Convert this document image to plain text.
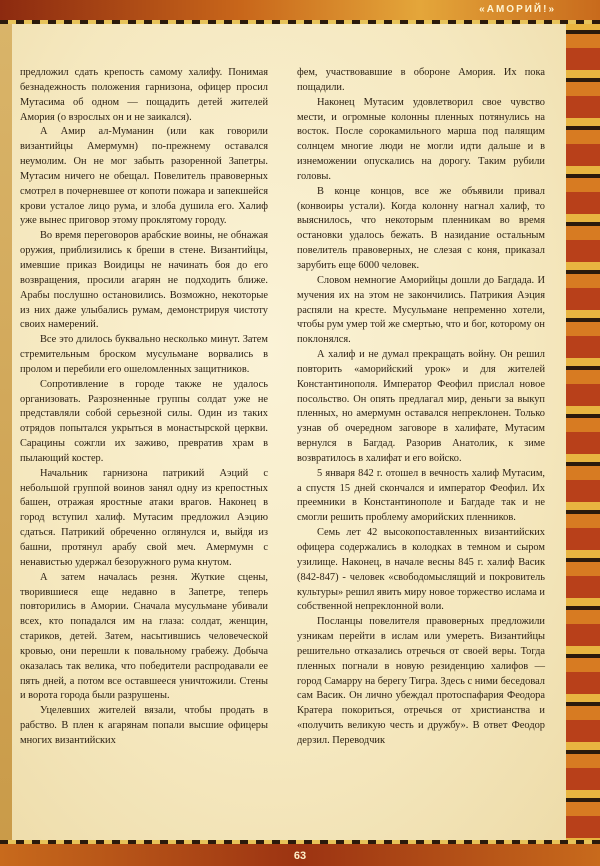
«АМОРИЙ!»

предложил сдать крепость самому халифу. Понимая безнадежность положения гарнизона, офицер просил Мутасима об одном — пощадить детей жителей Амория (о взрослых он и не заикался).

А Амир ал-Муманин (или как говорили византийцы Амермумн) по-прежнему оставался неумолим. Он не мог забыть разоренной Запетры. Мутасим ничего не обещал. Повелитель правоверных смотрел в почерневшее от копоти пожара и запекшейся крови усталое лицо рума, и злоба душила его. Халиф уже вынес приговор этому проклятому городу.

Во время переговоров арабские воины, не обнажая оружия, приблизились к бреши в стене. Византийцы, имевшие приказ Воидицы не начинать боя до его возвращения, просили агарян не подходить ближе. Арабы послушно остановились. Возможно, некоторые из них даже улыбались румам, демонстрируя чистоту своих намерений.

Все это длилось буквально несколько минут. Затем стремительным броском мусульмане ворвались в пролом и перебили его ошеломленных защитников.

Сопротивление в городе также не удалось организовать. Разрозненные группы солдат уже не представляли собой серьезной силы. Один из таких отрядов попытался укрыться в монастырской церкви. Сарацины сожгли их заживо, превратив храм в пылающий костер.

Начальник гарнизона патрикий Аэций с небольшой группой воинов занял одну из крепостных башен, отражая яростные атаки врагов. Наконец в город вступил халиф. Мутасим предложил Аэцию сдаться. Патрикий обреченно оглянулся и, выйдя из башни, протянул арабу свой меч. Амермумн с ненавистью удержал безоружного рума кнутом.

А затем началась резня. Жуткие сцены, творившиеся еще недавно в Запетре, теперь повторились в Амории. Сначала мусульмане убивали всех, кто попадался им на глаза: солдат, женщин, стариков, детей. Затем, насытившись человеческой кровью, они перешли к повальному грабежу. Добыча оказалась так велика, что победители распродавали ее пять дней, а потом все оставшееся уничтожили. Стены и ворота города были разрушены.

Уцелевших жителей вязали, чтобы продать в рабство. В плен к агарянам попали высшие офицеры многих византийских

фем, участвовавшие в обороне Амория. Их пока пощадили.

Наконец Мутасим удовлетворил свое чувство мести, и огромные колонны пленных потянулись на восток. После сорокамильного марша под палящим солнцем многие люди не могли идти дальше и в изнеможении опускались на дорогу. Таким рубили головы.

В конце концов, все же объявили привал (конвоиры устали). Когда колонну нагнал халиф, то выяснилось, что некоторым пленникам во время остановки удалось бежать. В назидание остальным повелитель правоверных, не слезая с коня, приказал зарубить еще 6000 человек.

Словом немногие Аморийцы дошли до Багдада. И мучения их на этом не закончились. Патрикия Аэция распяли на кресте. Мусульмане непременно хотели, чтобы рум умер той же смертью, что и бог, которому он поклонялся.

А халиф и не думал прекращать войну. Он решил повторить «аморийский урок» и для жителей Константинополя. Император Феофил прислал новое посольство. Он опять предлагал мир, деньги за выкуп пленных, но амермумн оставался непреклонен. Только узнав об очередном заговоре в халифате, Мутасим вернулся в Багдад. Разорив Анатолик, к зиме возвратилось в халифат и его войско.

5 января 842 г. отошел в вечность халиф Мутасим, а спустя 15 дней скончался и император Феофил. Их преемники в Константинополе и Багдаде так и не смогли решить проблему аморийских пленников.

Семь лет 42 высокопоставленных византийских офицера содержались в колодках в темном и сыром узилище. Наконец, в начале весны 845 г. халиф Васик (842-847) - человек «свободомыслящий и покровитель культуры» решил явить миру новое торжество ислама и собственной непреклонной воли.

Посланцы повелителя правоверных предложили узникам перейти в ислам или умереть. Византийцы решительно отказались отречься от своей веры. Тогда пленных погнали в новую резиденцию халифов — город Самарру на берегу Тигра. Здесь с ними беседовал сам Васик. Он лично убеждал протоспафария Феодора Кратера покориться, отречься от христианства и «получить великую честь и дружбу». В ответ Феодор дерзил. Переводчик

63
